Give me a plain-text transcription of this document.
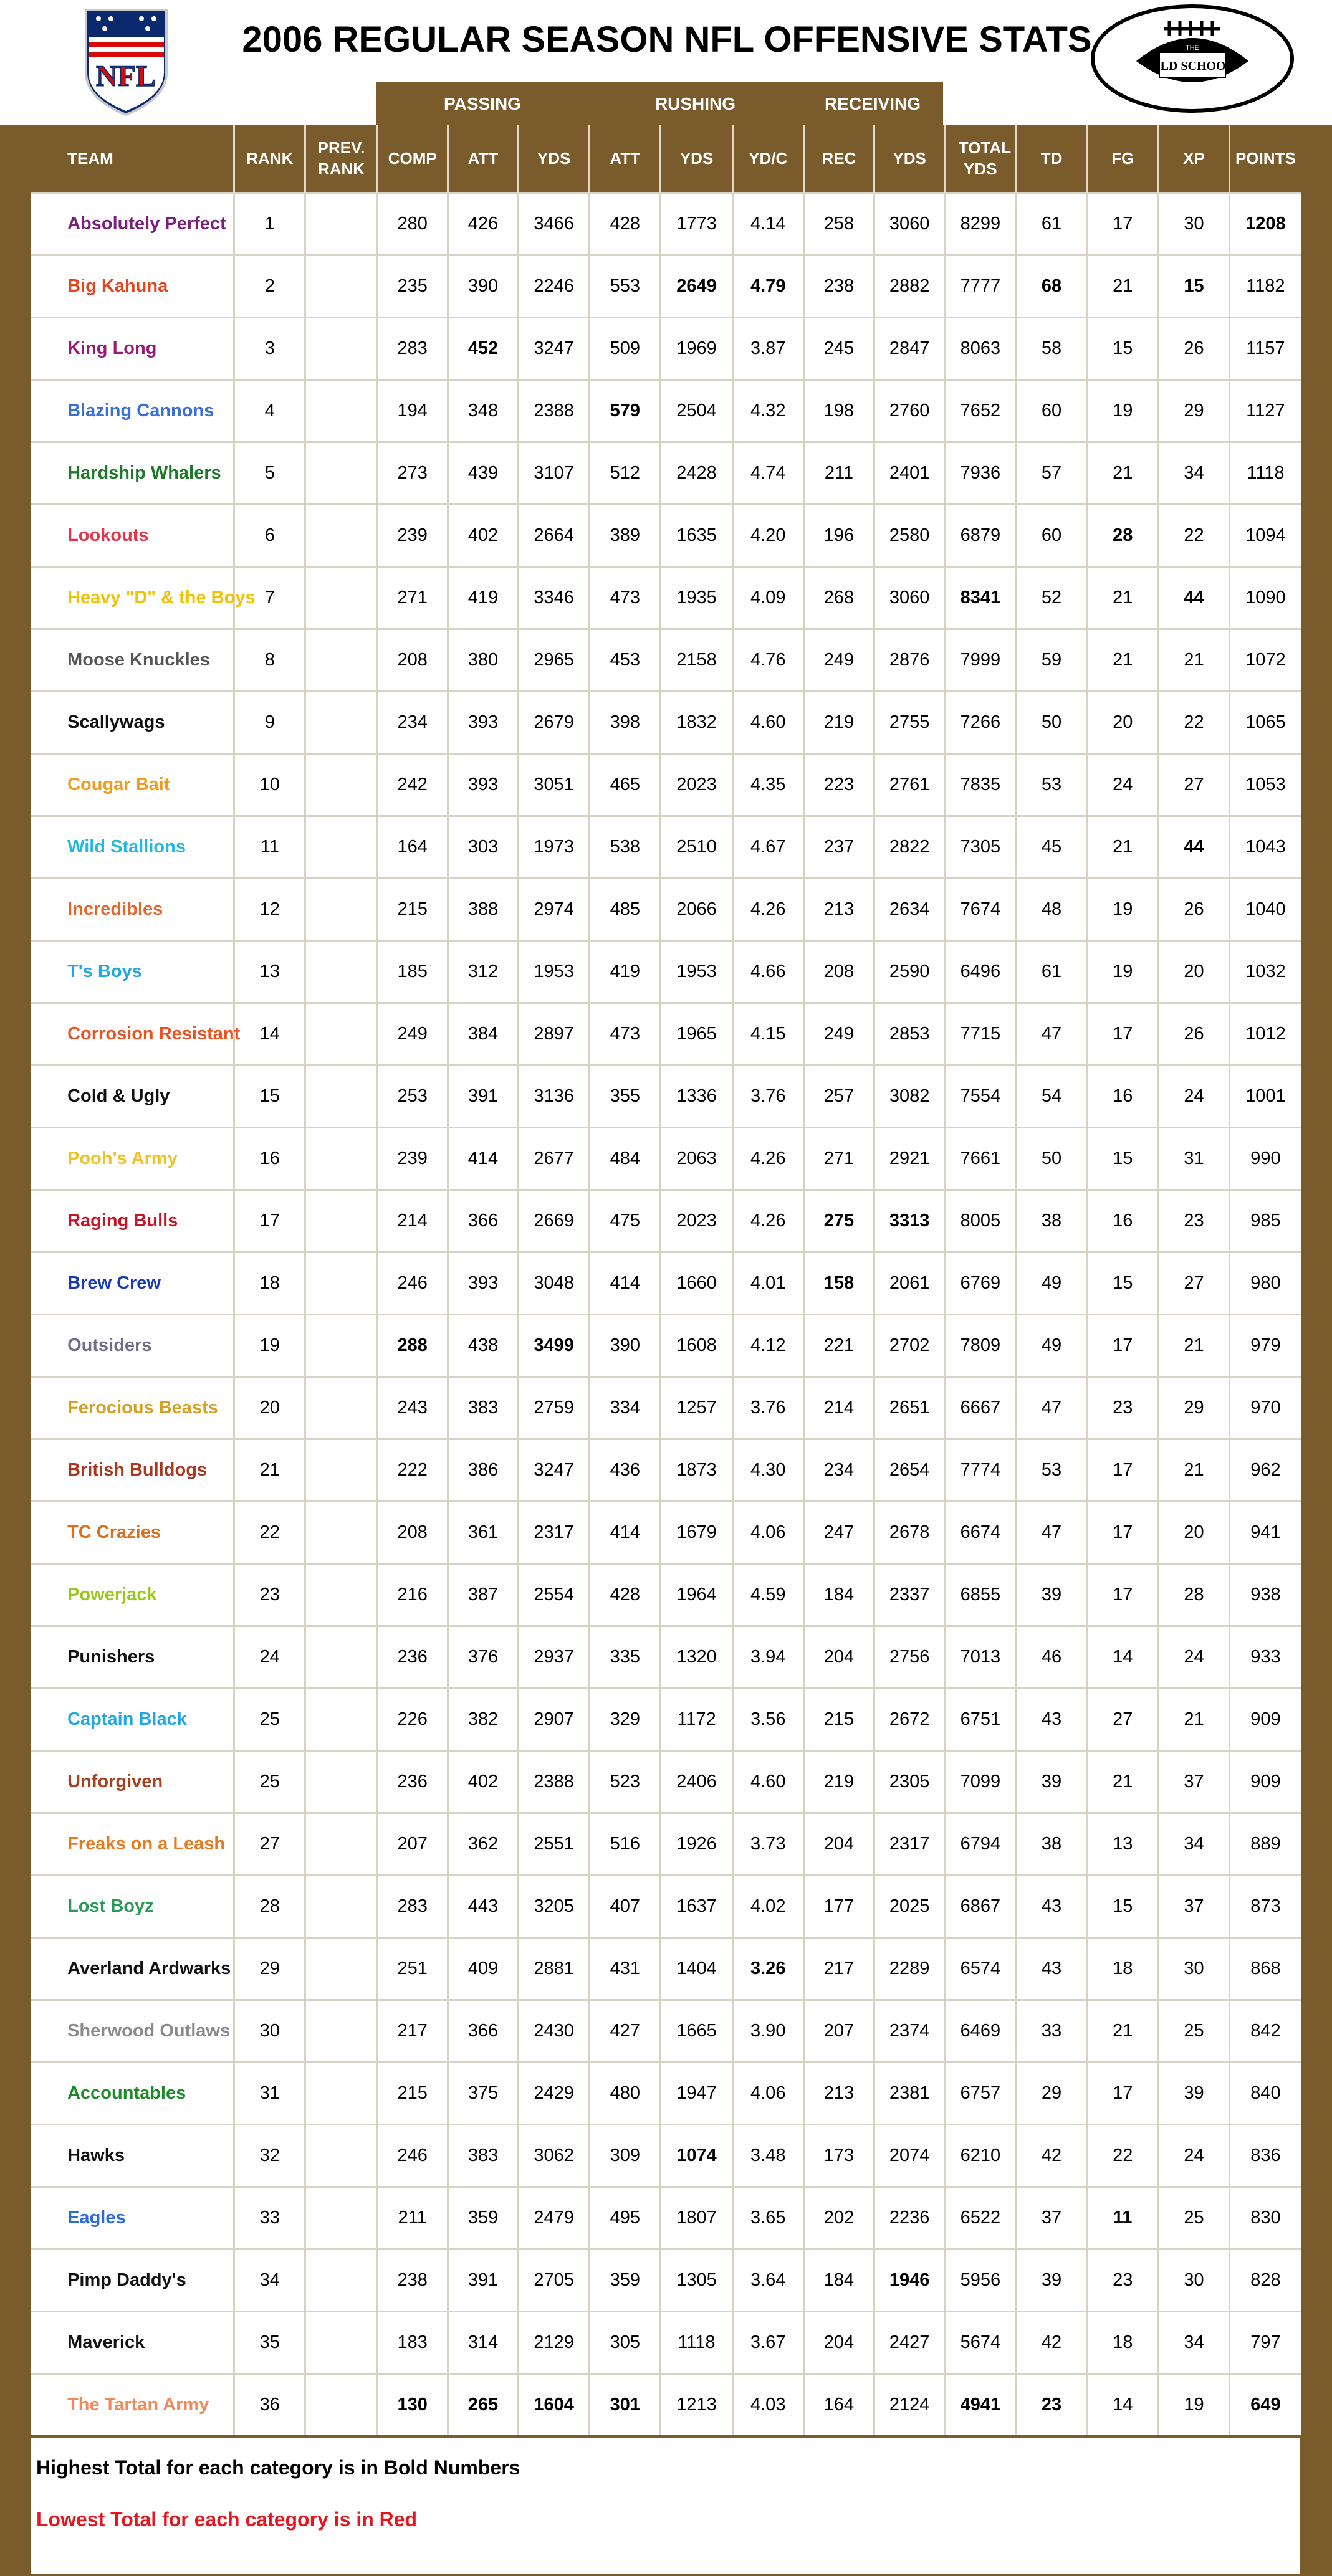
NFL
2006 REGULAR SEASON NFL OFFENSIVE STATS	THE
OLD SCHOOL
PASSING	RUSHING	RECEIVING
	TEAM	RANK	PREV. RANK	COMP	ATT	YDS	ATT	YDS	YD/C	REC	YDS	TOTAL YDS	TD	FG	XP	POINTS	
	Absolutely Perfect	1		280	426	3466	428	1773	4.14	258	3060	8299	61	17	30	1208	
	Big Kahuna	2		235	390	2246	553	2649	4.79	238	2882	7777	68	21	15	1182	
	King Long	3		283	452	3247	509	1969	3.87	245	2847	8063	58	15	26	1157	
	Blazing Cannons	4		194	348	2388	579	2504	4.32	198	2760	7652	60	19	29	1127	
	Hardship Whalers	5		273	439	3107	512	2428	4.74	211	2401	7936	57	21	34	1118	
	Lookouts	6		239	402	2664	389	1635	4.20	196	2580	6879	60	28	22	1094	
	Heavy "D" & the Boys	7		271	419	3346	473	1935	4.09	268	3060	8341	52	21	44	1090	
	Moose Knuckles	8		208	380	2965	453	2158	4.76	249	2876	7999	59	21	21	1072	
	Scallywags	9		234	393	2679	398	1832	4.60	219	2755	7266	50	20	22	1065	
	Cougar Bait	10		242	393	3051	465	2023	4.35	223	2761	7835	53	24	27	1053	
	Wild Stallions	11		164	303	1973	538	2510	4.67	237	2822	7305	45	21	44	1043	
	Incredibles	12		215	388	2974	485	2066	4.26	213	2634	7674	48	19	26	1040	
	T's Boys	13		185	312	1953	419	1953	4.66	208	2590	6496	61	19	20	1032	
	Corrosion Resistant	14		249	384	2897	473	1965	4.15	249	2853	7715	47	17	26	1012	
	Cold & Ugly	15		253	391	3136	355	1336	3.76	257	3082	7554	54	16	24	1001	
	Pooh's Army	16		239	414	2677	484	2063	4.26	271	2921	7661	50	15	31	990	
	Raging Bulls	17		214	366	2669	475	2023	4.26	275	3313	8005	38	16	23	985	
	Brew Crew	18		246	393	3048	414	1660	4.01	158	2061	6769	49	15	27	980	
	Outsiders	19		288	438	3499	390	1608	4.12	221	2702	7809	49	17	21	979	
	Ferocious Beasts	20		243	383	2759	334	1257	3.76	214	2651	6667	47	23	29	970	
	British Bulldogs	21		222	386	3247	436	1873	4.30	234	2654	7774	53	17	21	962	
	TC Crazies	22		208	361	2317	414	1679	4.06	247	2678	6674	47	17	20	941	
	Powerjack	23		216	387	2554	428	1964	4.59	184	2337	6855	39	17	28	938	
	Punishers	24		236	376	2937	335	1320	3.94	204	2756	7013	46	14	24	933	
	Captain Black	25		226	382	2907	329	1172	3.56	215	2672	6751	43	27	21	909	
	Unforgiven	25		236	402	2388	523	2406	4.60	219	2305	7099	39	21	37	909	
	Freaks on a Leash	27		207	362	2551	516	1926	3.73	204	2317	6794	38	13	34	889	
	Lost Boyz	28		283	443	3205	407	1637	4.02	177	2025	6867	43	15	37	873	
	Averland Ardwarks	29		251	409	2881	431	1404	3.26	217	2289	6574	43	18	30	868	
	Sherwood Outlaws	30		217	366	2430	427	1665	3.90	207	2374	6469	33	21	25	842	
	Accountables	31		215	375	2429	480	1947	4.06	213	2381	6757	29	17	39	840	
	Hawks	32		246	383	3062	309	1074	3.48	173	2074	6210	42	22	24	836	
	Eagles	33		211	359	2479	495	1807	3.65	202	2236	6522	37	11	25	830	
	Pimp Daddy's	34		238	391	2705	359	1305	3.64	184	1946	5956	39	23	30	828	
	Maverick	35		183	314	2129	305	1118	3.67	204	2427	5674	42	18	34	797	
	The Tartan Army	36		130	265	1604	301	1213	4.03	164	2124	4941	23	14	19	649	
Highest Total for each category is in Bold Numbers
Lowest Total for each category is in Red
